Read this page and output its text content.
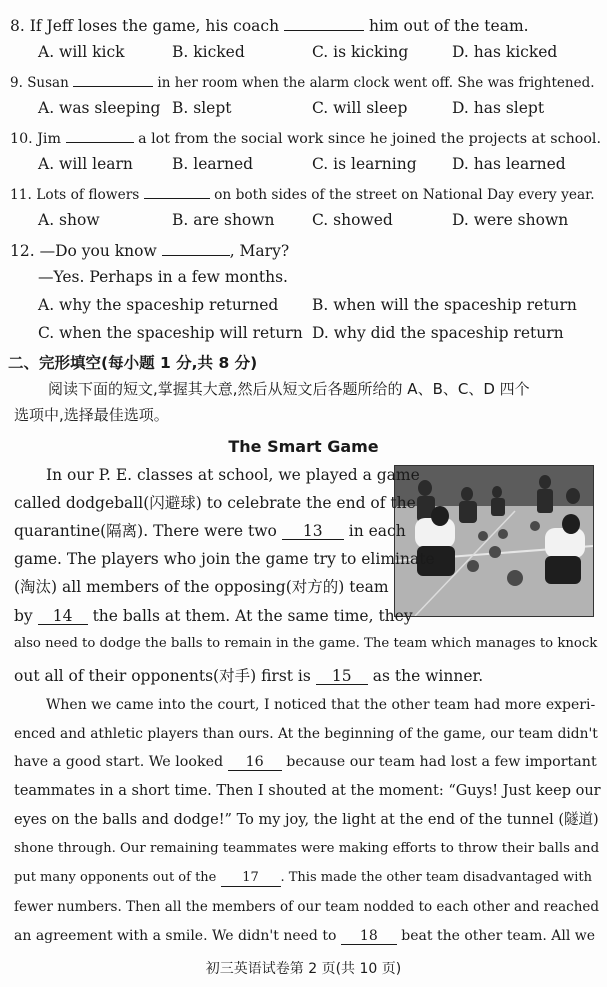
8. If Jeff loses the game, his coach	him out of the team.
A. will kick	B. kicked	C. is kicking	D. has kicked
9. Susan	in her room when the alarm clock went off. She was frightened.
A. was sleeping B. slept	C. will sleep	D. has slept
10. Jim	a lot from the social work since he joined the projects at school.
A. will learn	B. learned	C. is learning D. has learned
11. Lots of flowers	on both sides of the street on National Day every year.
A. show	B. are shown C. showed	D. were shown
12. —Do you know	, Mary?
—Yes. Perhaps in a few months.
A. why the spaceship returned B. when will the spaceship return
C. when the spaceship will return D. why did the spaceship return
二、完形填空(每小题 1 分,共 8 分)
阅读下面的短文,掌握其大意,然后从短文后各题所给的 A、B、C、D 四个
选项中,选择最佳选项。
The Smart Game
In our P. E. classes at school, we played a game
called dodgeball(闪避球) to celebrate the end of the
quarantine(隔离). There were two 13 in each
game. The players who join the game try to eliminate
(淘汰) all members of the opposing(对方的) team
by 14 the balls at them. At the same time, they
also need to dodge the balls to remain in the game. The team which manages to knock
out all of their opponents(对手) first is 15 as the winner.
When we came into the court, I noticed that the other team had more experi-
enced and athletic players than ours. At the beginning of the game, our team didn't
have a good start. We looked 16 because our team had lost a few important
teammates in a short time. Then I shouted at the moment: “Guys! Just keep our
eyes on the balls and dodge!” To my joy, the light at the end of the tunnel (隧道)
shone through. Our remaining teammates were making efforts to throw their balls and
put many opponents out of the 17 . This made the other team disadvantaged with
fewer numbers. Then all the members of our team nodded to each other and reached
an agreement with a smile. We didn't need to 18 beat the other team. All we
初三英语试卷第 2 页(共 10 页)
